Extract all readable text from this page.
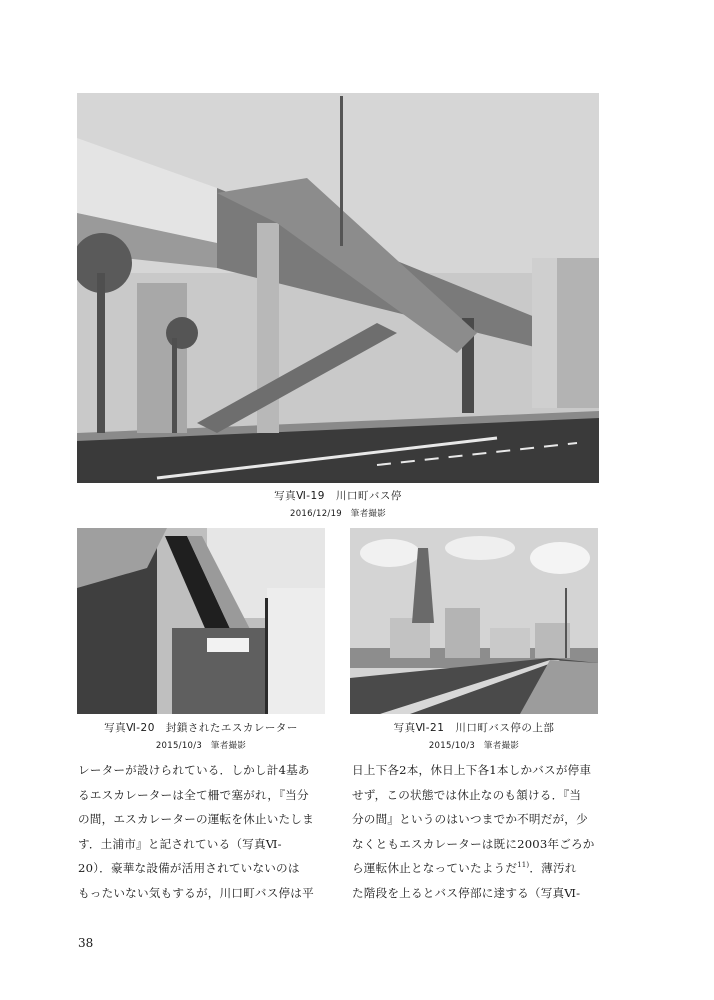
写真Ⅵ-19　川口町バス停
2016/12/19　筆者撮影
写真Ⅵ-20　封鎖されたエスカレーター
2015/10/3　筆者撮影
写真Ⅵ-21　川口町バス停の上部
2015/10/3　筆者撮影
レーターが設けられている．しかし計4基あ
るエスカレーターは全て柵で塞がれ，『当分
の間，エスカレーターの運転を休止いたしま
す．土浦市』と記されている（写真Ⅵ-
20）．豪華な設備が活用されていないのは
もったいない気もするが，川口町バス停は平
日上下各2本，休日上下各1本しかバスが停車
せず，この状態では休止なのも頷ける．『当
分の間』というのはいつまでか不明だが，少
なくともエスカレーターは既に2003年ごろか
ら運転休止となっていたようだ$^{11)}$．薄汚れ
た階段を上るとバス停部に達する（写真Ⅵ-
38
